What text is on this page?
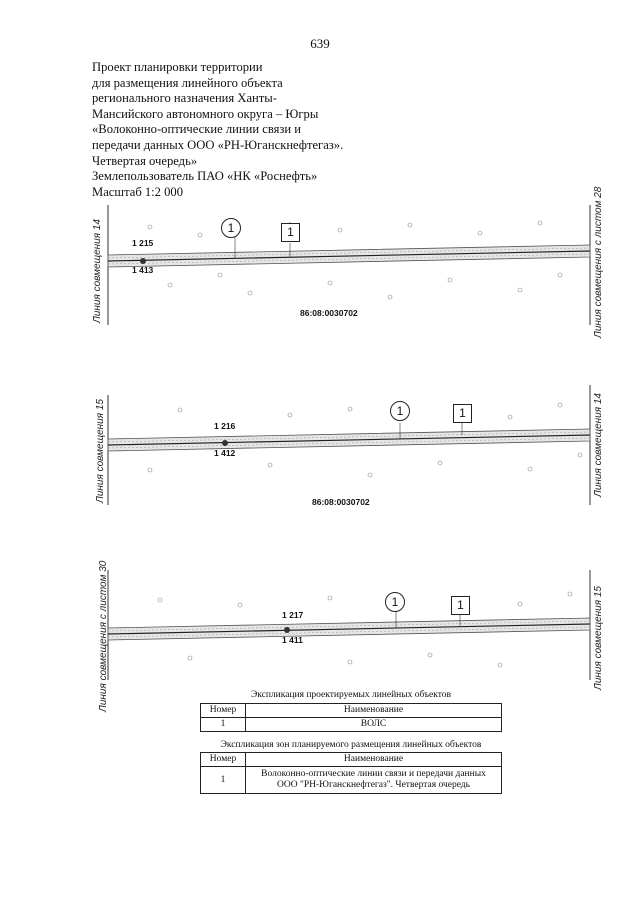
639
Проект планировки территории
для размещения линейного объекта
регионального назначения Ханты-
Мансийского автономного округа – Югры
«Волоконно-оптические линии связи и
передачи данных ООО «РН-Юганскнефтегаз».
Четвертая очередь»
Землепользователь ПАО «НК «Роснефть»
Масштаб 1:2 000
1 215
1 413
1	1
86:08:0030702
Линия совмещения 14	Линия совмещения с листом 28
1 216
1 412
1	1
86:08:0030702
Линия совмещения 15	Линия совмещения 14
1 217
1 411
1	1
Линия совмещения с листом 30	Линия совмещения 15
Экспликация проектируемых линейных объектов
Номер	Наименование
1	ВОЛС
Экспликация зон планируемого размещения линейных объектов
Номер	Наименование
1	Волоконно-оптические линии связи и передачи данных ООО "РН-Юганскнефтегаз". Четвертая очередь
